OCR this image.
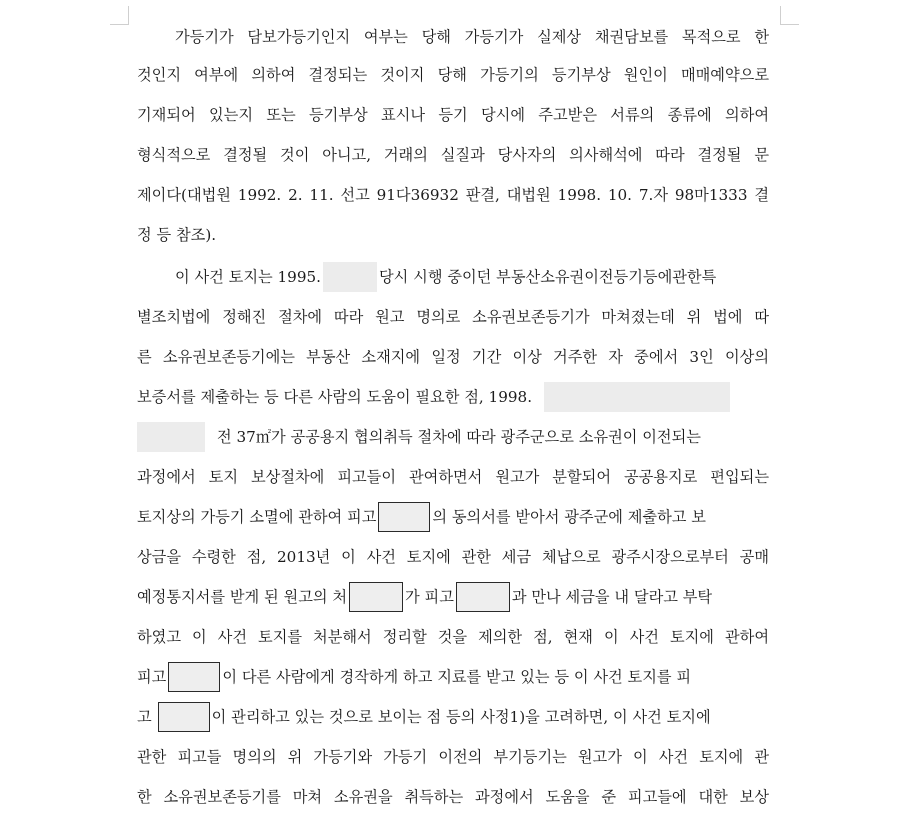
가등기가 담보가등기인지 여부는 당해 가등기가 실제상 채권담보를 목적으로 한
것인지 여부에 의하여 결정되는 것이지 당해 가등기의 등기부상 원인이 매매예약으로
기재되어 있는지 또는 등기부상 표시나 등기 당시에 주고받은 서류의 종류에 의하여
형식적으로 결정될 것이 아니고, 거래의 실질과 당사자의 의사해석에 따라 결정될 문
제이다(대법원 1992. 2. 11. 선고 91다36932 판결, 대법원 1998. 10. 7.자 98마1333 결
정 등 참조).
이 사건 토지는 1995.	당시 시행 중이던 부동산소유권이전등기등에관한특
별조치법에 정해진 절차에 따라 원고 명의로 소유권보존등기가 마쳐졌는데 위 법에 따
른 소유권보존등기에는 부동산 소재지에 일정 기간 이상 거주한 자 중에서 3인 이상의
보증서를 제출하는 등 다른 사람의 도움이 필요한 점, 1998.
전 37㎡가 공공용지 협의취득 절차에 따라 광주군으로 소유권이 이전되는
과정에서 토지 보상절차에 피고들이 관여하면서 원고가 분할되어 공공용지로 편입되는
토지상의 가등기 소멸에 관하여 피고	의 동의서를 받아서 광주군에 제출하고 보
상금을 수령한 점, 2013년 이 사건 토지에 관한 세금 체납으로 광주시장으로부터 공매
예정통지서를 받게 된 원고의 처	가 피고	과 만나 세금을 내 달라고 부탁
하였고 이 사건 토지를 처분해서 정리할 것을 제의한 점, 현재 이 사건 토지에 관하여
피고	이 다른 사람에게 경작하게 하고 지료를 받고 있는 등 이 사건 토지를 피
고	이 관리하고 있는 것으로 보이는 점 등의 사정1)을 고려하면, 이 사건 토지에
관한 피고들 명의의 위 가등기와 가등기 이전의 부기등기는 원고가 이 사건 토지에 관
한 소유권보존등기를 마쳐 소유권을 취득하는 과정에서 도움을 준 피고들에 대한 보상
